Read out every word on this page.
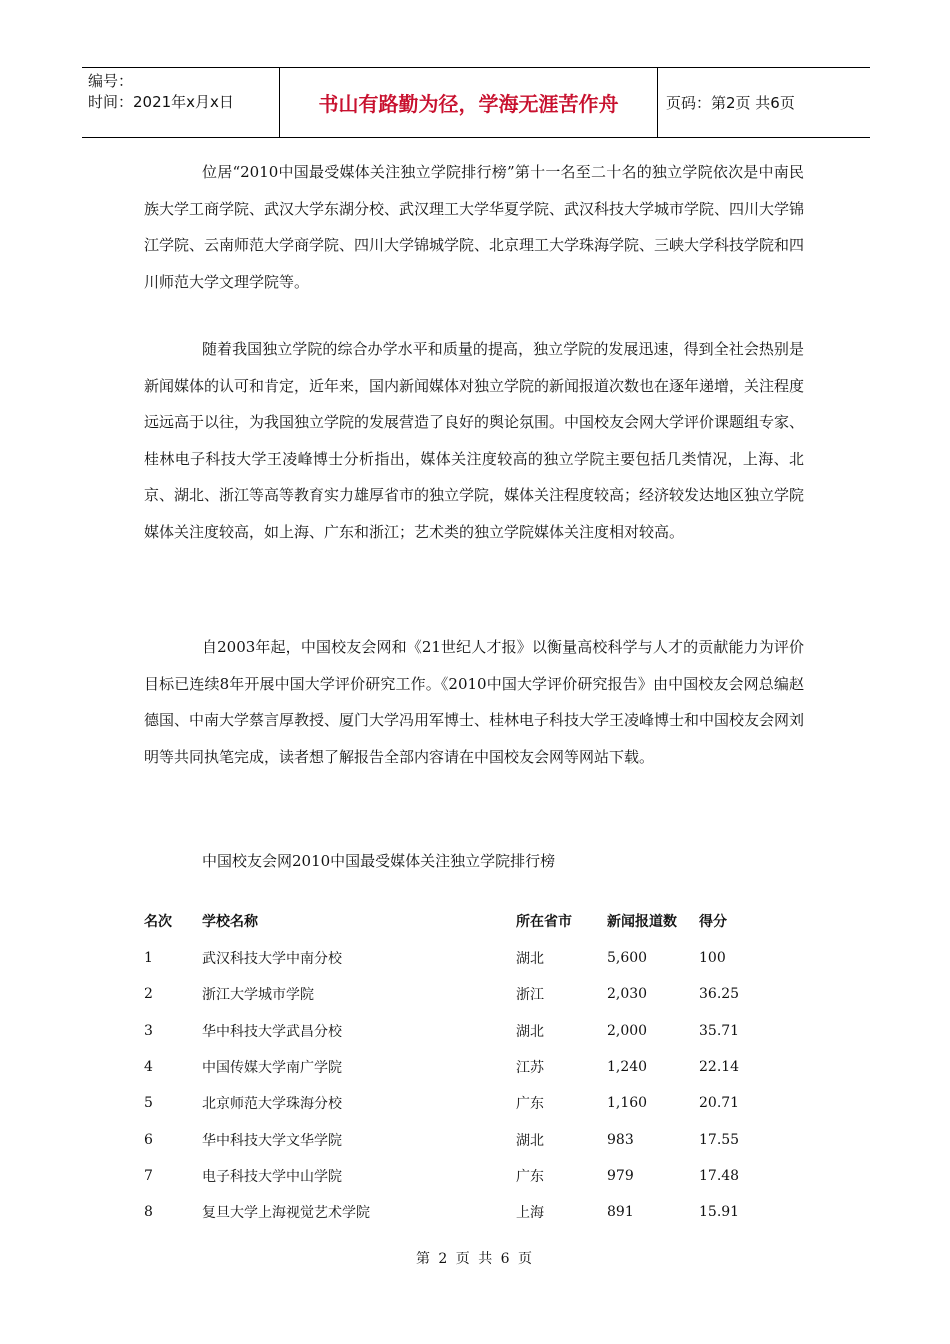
编号：
时间：2021年x月x日	书山有路勤为径，学海无涯苦作舟	页码：第2页 共6页

位居“2010中国最受媒体关注独立学院排行榜”第十一名至二十名的独立学院依次是中南民族大学工商学院、武汉大学东湖分校、武汉理工大学华夏学院、武汉科技大学城市学院、四川大学锦江学院、云南师范大学商学院、四川大学锦城学院、北京理工大学珠海学院、三峡大学科技学院和四川师范大学文理学院等。

随着我国独立学院的综合办学水平和质量的提高，独立学院的发展迅速，得到全社会热别是新闻媒体的认可和肯定，近年来，国内新闻媒体对独立学院的新闻报道次数也在逐年递增，关注程度远远高于以往，为我国独立学院的发展营造了良好的舆论氛围。中国校友会网大学评价课题组专家、桂林电子科技大学王凌峰博士分析指出，媒体关注度较高的独立学院主要包括几类情况，上海、北京、湖北、浙江等高等教育实力雄厚省市的独立学院，媒体关注程度较高；经济较发达地区独立学院媒体关注度较高，如上海、广东和浙江；艺术类的独立学院媒体关注度相对较高。

自2003年起，中国校友会网和《21世纪人才报》以衡量高校科学与人才的贡献能力为评价目标已连续8年开展中国大学评价研究工作。《2010中国大学评价研究报告》由中国校友会网总编赵德国、中南大学蔡言厚教授、厦门大学冯用军博士、桂林电子科技大学王凌峰博士和中国校友会网刘明等共同执笔完成，读者想了解报告全部内容请在中国校友会网等网站下载。

中国校友会网2010中国最受媒体关注独立学院排行榜
名次	学校名称	所在省市	新闻报道数	得分
1	武汉科技大学中南分校	湖北	5,600	100
2	浙江大学城市学院	浙江	2,030	36.25
3	华中科技大学武昌分校	湖北	2,000	35.71
4	中国传媒大学南广学院	江苏	1,240	22.14
5	北京师范大学珠海分校	广东	1,160	20.71
6	华中科技大学文华学院	湖北	983	17.55
7	电子科技大学中山学院	广东	979	17.48
8	复旦大学上海视觉艺术学院	上海	891	15.91
第 2 页 共 6 页
